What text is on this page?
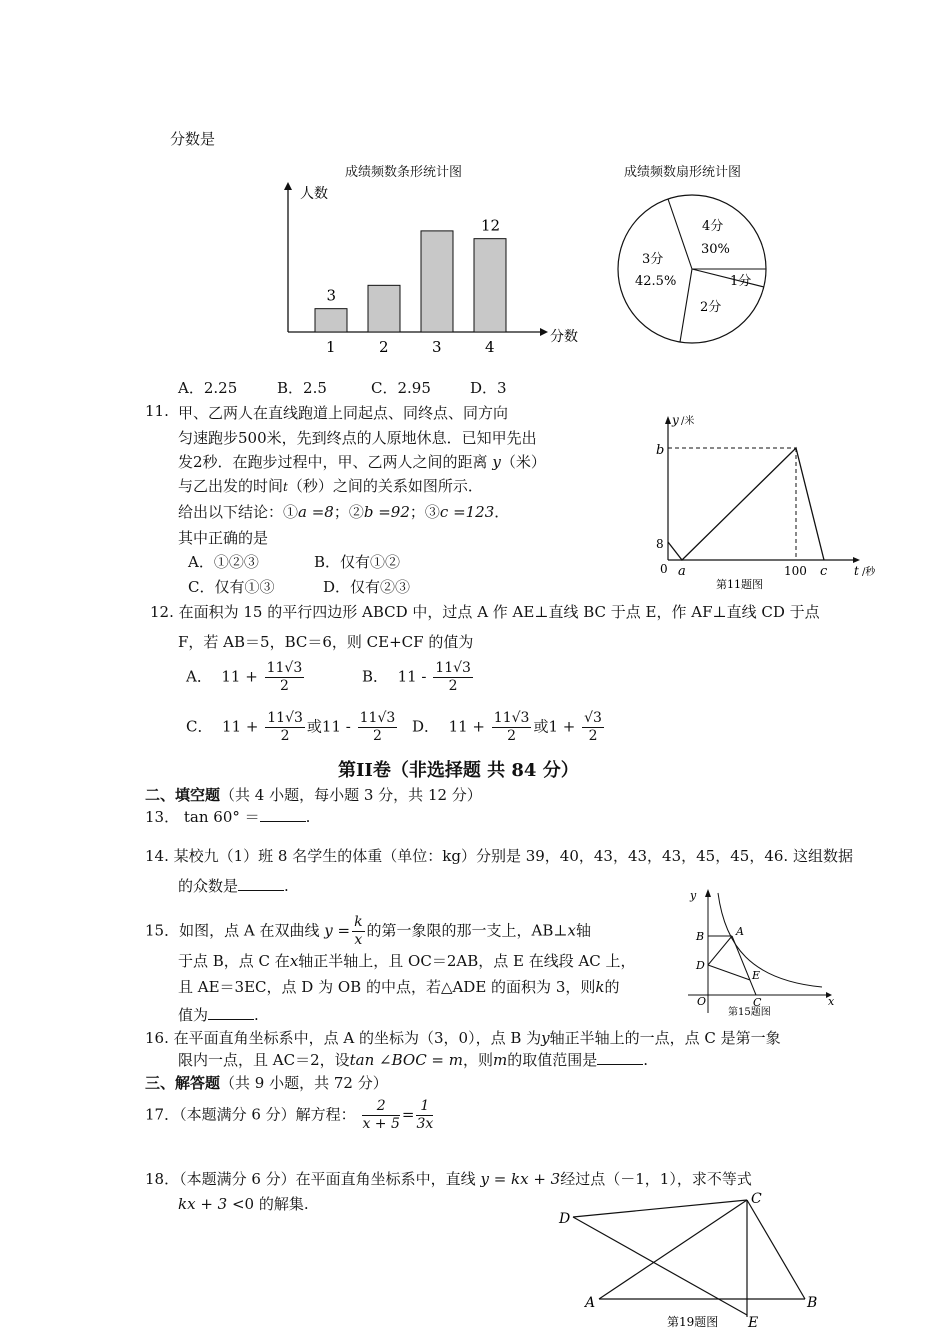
分数是
成绩频数条形统计图
人数
分数
1
3
2	3	4
12
成绩频数扇形统计图
4分
30%
1分
2分
3分
42.5%
A．2.25	B．2.5	C．2.95	D．3
11. 甲、乙两人在直线跑道上同起点、同终点、同方向
匀速跑步500米，先到终点的人原地休息．已知甲先出
发2秒．在跑步过程中，甲、乙两人之间的距离 y（米）
与乙出发的时间t（秒）之间的关系如图所示．
给出以下结论：①a =8；②b =92；③c =123．
其中正确的是
A．①②③	B．仅有①②
C．仅有①③	D．仅有②③
y /米
b
8
0 a	100 c t /秒
第11题图
12. 在面积为 15 的平行四边形 ABCD 中，过点 A 作 AE⊥直线 BC 于点 E，作 AF⊥直线 CD 于点
F，若 AB＝5，BC＝6，则 CE+CF 的值为
A． $11 + \frac{11√3}{2}$	B． $11 - \frac{11√3}{2}$
C． $11 + \frac{11√3}{2}$ 或$11 - \frac{11√3}{2}$ D． $11 + \frac{11√3}{2}$ 或$1 + \frac{√3}{2}$
第II卷（非选择题 共 84 分）
二、填空题（共 4 小题，每小题 3 分，共 12 分）
13． tan 60° ＝	.
14. 某校九（1）班 8 名学生的体重（单位：kg）分别是 39，40，43，43，43，45，45，46. 这组数据
的众数是	.
15．如图，点 A 在双曲线 $y = \frac{k}{x}$ 的第一象限的那一支上，AB⊥x轴
于点 B，点 C 在x轴正半轴上，且 OC＝2AB，点 E 在线段 AC 上，
且 AE＝3EC，点 D 为 OB 的中点，若△ADE 的面积为 3，则k的
值为	.
y
x
O
B	A
D
E
C
第15题图
16. 在平面直角坐标系中，点 A 的坐标为（3，0），点 B 为y轴正半轴上的一点，点 C 是第一象
限内一点，且 AC＝2，设tan ∠BOC = m，则m的取值范围是	.
三、解答题（共 9 小题，共 72 分）
17．（本题满分 6 分）解方程： $\frac{2}{x + 5} = \frac{1}{3x}$
18．（本题满分 6 分）在平面直角坐标系中，直线 y = kx + 3经过点（－1，1），求不等式
kx + 3 <0 的解集.
D
C
A	B
E
第19题图
